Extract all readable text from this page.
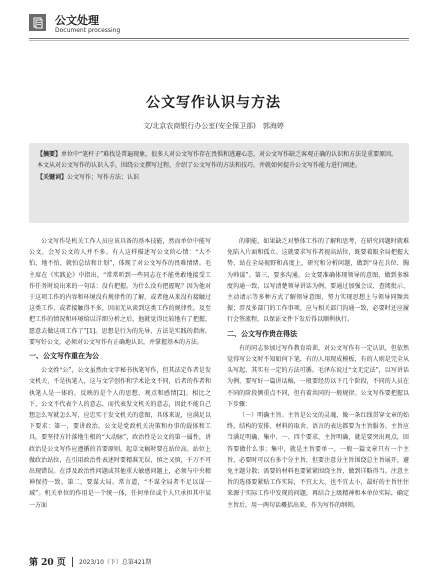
公文处理
Document processing
公文写作认识与方法
文/北京农商银行办公室(安全保卫部)　郭海婷
【摘要】单位中“笔杆子”难找是普遍现象，很多人对公文写作存在畏惧和逃避心态，对公文写作缺乏客观正确的认识和方法是重要原因。本文从对公文写作的认识入手，围绕公文撰写过程，介绍了公文写作的方法和技巧，并就如何提升公文写作能力进行阐述。
【关键词】公文写作；写作方法；认识

公文写作是机关工作人员应该具备的基本技能，然而单位中能写公文、会写公文的人并不多。有人这样描述写公文的心情：“大不怕、地不怕，就怕总结和计划”，体现了对公文写作的畏难情绪。毛主席在《实践论》中指出，“常常听到一些同志在不能勇敢地接受工作任务时说出来的一句话：没有把握。为什么没有把握呢？因为他对于这项工作的内容和环境没有规律性的了解，或者他从来没有接触过这类工作，或者接触得不多，因而无从谈到这类工作的规律性。及至把工作的情况和环境给以详细分析之后，他就觉得比较地有了把握，愿意去做这项工作了”[1]。思想是行为的先导，方法是实践的指南。要写好公文，必须对公文写作有正确地认识，并掌握基本的方法。

一、公文写作重在为公

公文姓“公”，公文虽然由文字秘书执笔写作，但其法定作者是发文机关，不是执笔人，这与文学创作和学术论文不同，后者的作者和执笔人是一体的，反映的是个人的思想、观点和感情[2]。相比之下，公文不代表个人的意志，而代表发文机关的意志，因此不能自己想怎么写就怎么写，应忠实于发文机关的意图，具体来说，应满足以下要求：第一，要讲政治。公文是党政机关决策和办事的载体和工具，要坚持方针落地生根的“大动脉”，政治性是公文的第一属性，讲政治是公文写作应遵循的首要原则。起草文稿时要在站位高、站位上做政治站位，在引用政治性表述时要精准无误，慎之又慎，千万不可出现错误。在涉及政治性问题或其他重大敏感问题上，必须与中央精神保持一致。第二，要谋大局。常言道，“不谋全局者不足以谋一域”。机关单位的作用是一个统一体，任何单位或个人只承担其中某一方面

的职能，如果缺乏对整体工作的了解和思考，在研究问题时就难免陷入片面和孤立。这就要求写作者视高站位，既要着眼全局把握大势，站在全局视野和高度上，研究和分析问题，做到“身在兵位，胸为帅谋”。第三，要多沟通。公文要准确体现领导的意图，做到多维度沟通一致，以写清楚领导讲话为例，要通过加强会议、查阅批示、主动请示等多种方式了解领导意图，努力实现思想上与领导同频共振；涉及多部门的工作事项，应与相关部门沟通一致，必要时还应履行会签流程，以保证文件下发后得以顺利执行。

二、公文写作贵在得法

有的同志参加过写作教育培训，对公文写作有一定认识，但依然觉得写公文时不知如何下笔，有的人用现成模板，有的人则是完全从头写起，其实有一定的方法可循。毛泽东说过“文无定法”，以写讲话为例，要写好一篇讲话稿，一般要经历以下几个阶段，不同的人员在不同的阶段侧重点不同，但有着共同的一般规律。公文写作要把握以下步骤：

（一）明确主旨。主旨是公文的灵魂，像一条红线贯穿文章的始终，结构的安排、材料的取舍、语言的表达都要为主旨服务。主旨应当满足明确、集中、一、四个要求，主旨明确，就是要突出观点，回答要做什么事；集中，就是主旨要单一，一般一篇文章只有一个主旨，必要时可以有多个分主旨，但要注意分主旨围绕总主旨展开，避免主题分散；需要的材料也要紧紧围绕主旨，做到详略得当。注意主旨的选择要紧贴工作实际，不宜太大，也不宜太小，最好的主旨往往来源于实际工作中发现的问题，再结合上级精神和本单位实际，确定主旨后，用一两句话概括出来，作为写作的纲领。

第 20 页 2023/10（下）总第421期
